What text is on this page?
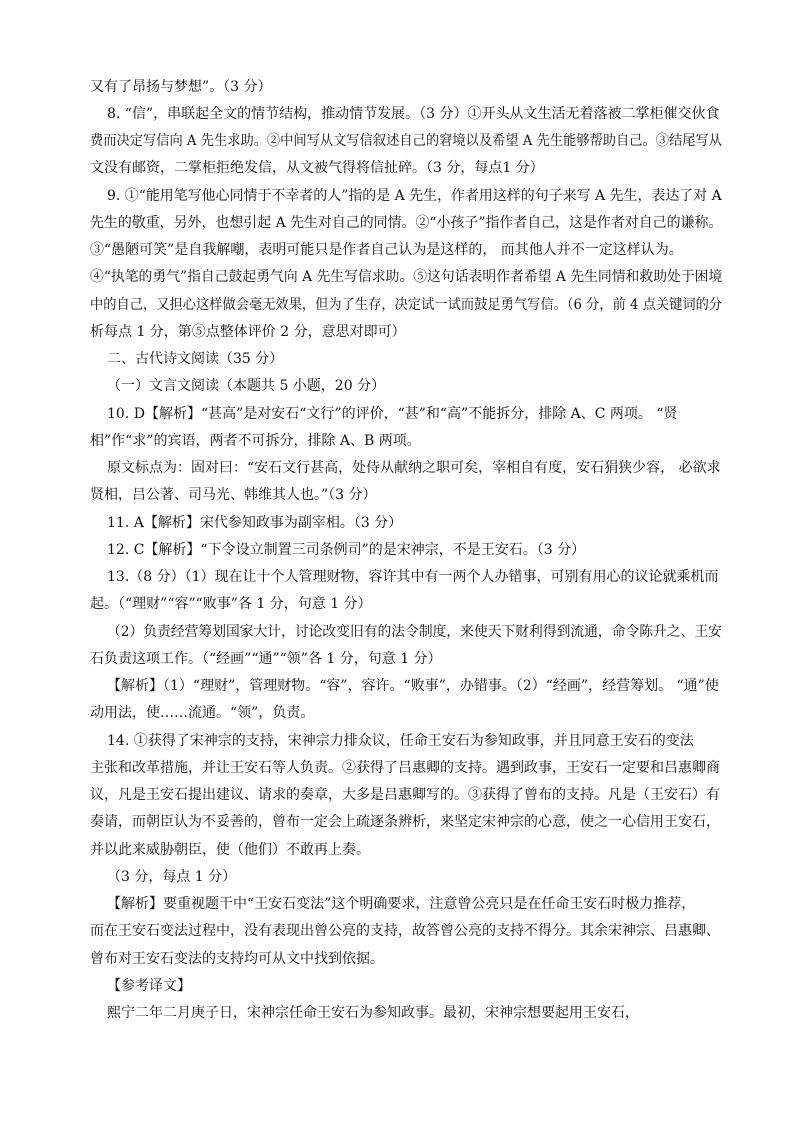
又有了昂扬与梦想”。（3 分）
8. “信”，串联起全文的情节结构，推动情节发展。（3 分）①开头从文生活无着落被二掌柜催交伙食
费而决定写信向 A 先生求助。②中间写从文写信叙述自己的窘境以及希望 A 先生能够帮助自己。③结尾写从
文没有邮资，二掌柜拒绝发信，从文被气得将信扯碎。（3 分，每点1 分）
9. ①“能用笔写他心同情于不幸者的人”指的是 A 先生，作者用这样的句子来写 A 先生，表达了对 A
先生的敬重，另外，也想引起 A 先生对自己的同情。②“小孩子”指作者自己，这是作者对自己的谦称。
③“愚陋可笑”是自我解嘲，表明可能只是作者自己认为是这样的， 而其他人并不一定这样认为。
④“执笔的勇气”指自己鼓起勇气向 A 先生写信求助。⑤这句话表明作者希望 A 先生同情和救助处于困境
中的自己，又担心这样做会毫无效果，但为了生存，决定试一试而鼓足勇气写信。（6 分，前 4 点关键词的分
析每点 1 分，第⑤点整体评价 2 分，意思对即可）
二、古代诗文阅读（35 分）
（一）文言文阅读（本题共 5 小题，20 分）
10. D【解析】“甚高”是对安石“文行”的评价，“甚”和“高”不能拆分，排除 A、C 两项。 “贤
相”作“求”的宾语，两者不可拆分，排除 A、B 两项。
原文标点为：固对曰：“安石文行甚高，处侍从献纳之职可矣，宰相自有度，安石狷狭少容， 必欲求
贤相，吕公著、司马光、韩维其人也。”（3 分）
11. A【解析】宋代参知政事为副宰相。（3 分）
12. C【解析】“下令设立制置三司条例司”的是宋神宗，不是王安石。（3 分）
13.（8 分）（1）现在让十个人管理财物，容许其中有一两个人办错事，可别有用心的议论就乘机而
起。（“理财”“容”“败事”各 1 分，句意 1 分）
（2）负责经营筹划国家大计，讨论改变旧有的法令制度，来使天下财利得到流通，命令陈升之、王安
石负责这项工作。（“经画”“通”“领”各 1 分，句意 1 分）
【解析】（1）“理财”，管理财物。“容”，容许。“败事”，办错事。（2）“经画”，经营筹划。 “通”使
动用法，使……流通。“领”，负责。
14. ①获得了宋神宗的支持，宋神宗力排众议，任命王安石为参知政事，并且同意王安石的变法
主张和改革措施，并让王安石等人负责。②获得了吕惠卿的支持。遇到政事，王安石一定要和吕惠卿商
议，凡是王安石提出建议、请求的奏章，大多是吕惠卿写的。③获得了曾布的支持。凡是（王安石）有
奏请，而朝臣认为不妥善的，曾布一定会上疏逐条辨析，来坚定宋神宗的心意，使之一心信用王安石，
并以此来威胁朝臣，使（他们）不敢再上奏。
（3 分，每点 1 分）
【解析】要重视题干中“王安石变法”这个明确要求，注意曾公亮只是在任命王安石时极力推荐，
而在王安石变法过程中，没有表现出曾公亮的支持，故答曾公亮的支持不得分。其余宋神宗、吕惠卿、
曾布对王安石变法的支持均可从文中找到依据。
【参考译文】
熙宁二年二月庚子日，宋神宗任命王安石为参知政事。最初，宋神宗想要起用王安石，
